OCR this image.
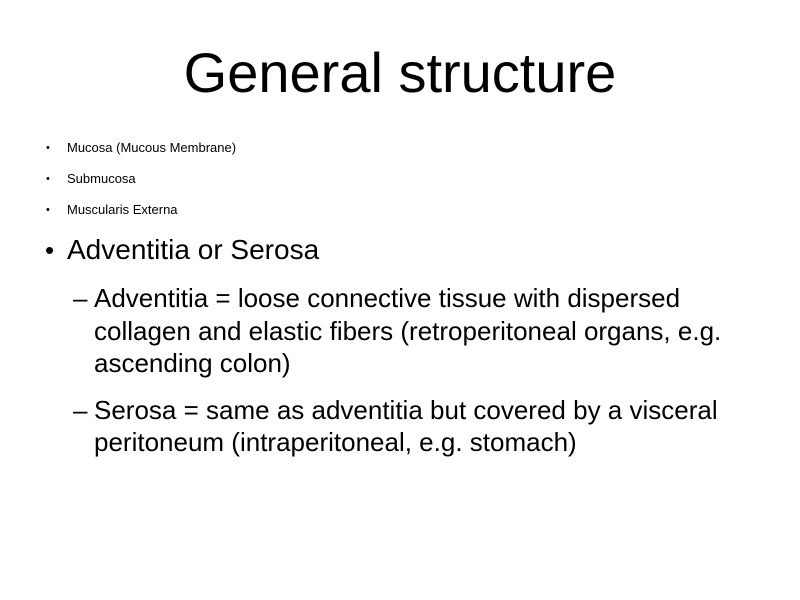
General structure
• Mucosa (Mucous Membrane)
• Submucosa
• Muscularis Externa
• Adventitia or Serosa
– Adventitia = loose connective tissue with dispersed collagen and elastic fibers (retroperitoneal organs, e.g. ascending colon)
– Serosa = same as adventitia but covered by a visceral peritoneum (intraperitoneal, e.g. stomach)
